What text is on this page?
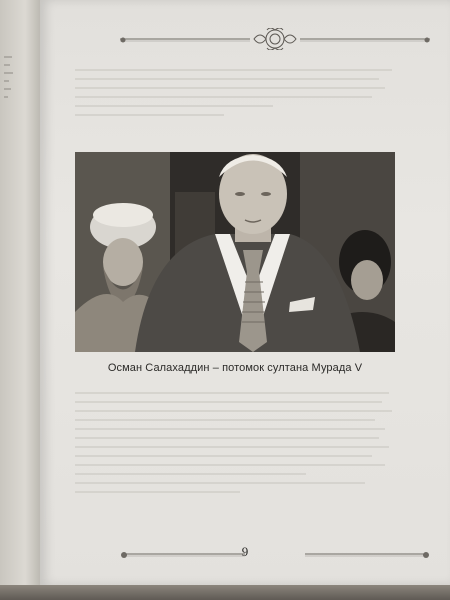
Осман Салахаддин – потомок султана Мурада V
9
